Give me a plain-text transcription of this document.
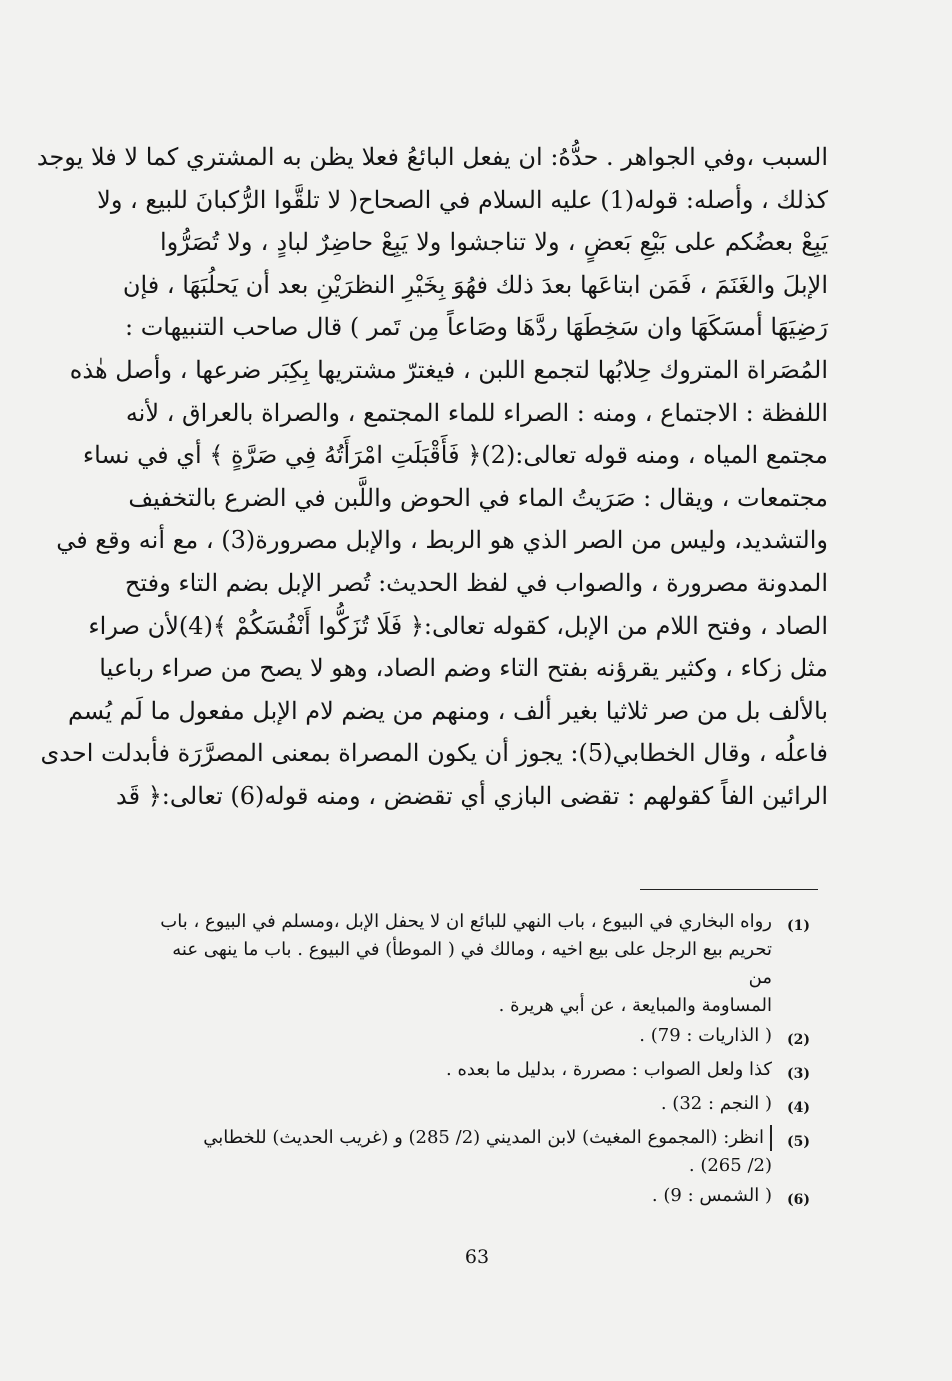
السبب ،وفي الجواهر . حدُّهُ: ان يفعل البائعُ فعلا يظن به المشتري كما لا فلا يوجد
كذلك ، وأصله: قوله(1) عليه السلام في الصحاح( لا تلقَّوا الرُّكبانَ للبيع ، ولا
يَبِعْ بعضُكم على بَيْعِ بَعضٍ ، ولا تناجشوا ولا يَبِعْ حاضِرٌ لبادٍ ، ولا تُصَرُّوا
الإبلَ والغَنَمَ ، فَمَن ابتاعَها بعدَ ذلك فهُوَ بِخَيْرِ النظرَيْنِ بعد أن يَحلُبَهَا ، فإن
رَضِيَهَا أمسَكَهَا وان سَخِطَهَا ردَّهَا وصَاعاً مِن تَمر ) قال صاحب التنبيهات :
المُصَراة المتروك حِلابُها لتجمع اللبن ، فيغترّ مشتريها بِكِبَر ضرعها ، وأصل هٰذه
اللفظة : الاجتماع ، ومنه : الصراء للماء المجتمع ، والصراة بالعراق ، لأنه
مجتمع المياه ، ومنه قوله تعالى:(2)﴿ فَأَقْبَلَتِ امْرَأَتُهُ فِي صَرَّةٍ ﴾ أي في نساء
مجتمعات ، ويقال : صَرَيتُ الماء في الحوض واللَّبن في الضرع بالتخفيف
والتشديد، وليس من الصر الذي هو الربط ، والإبل مصرورة(3) ، مع أنه وقع في
المدونة مصرورة ، والصواب في لفظ الحديث: تُصر الإبل بضم التاء وفتح
الصاد ، وفتح اللام من الإبل، كقوله تعالى:﴿ فَلَا تُزَكُّوا أَنْفُسَكُمْ ﴾(4)لأن صراء
مثل زكاء ، وكثير يقرؤنه بفتح التاء وضم الصاد، وهو لا يصح من صراء رباعيا
بالألف بل من صر ثلاثيا بغير ألف ، ومنهم من يضم لام الإبل مفعول ما لَم يُسم
فاعلُه ، وقال الخطابي(5): يجوز أن يكون المصراة بمعنى المصرَّرَة فأبدلت احدى
الرائين الفاً كقولهم : تقضى البازي أي تقضض ، ومنه قوله(6) تعالى:﴿ قَد
(1)
رواه البخاري في البيوع ، باب النهي للبائع ان لا يحفل الإبل ،ومسلم في البيوع ، باب
تحريم بيع الرجل على بيع اخيه ، ومالك في ( الموطأ) في البيوع . باب ما ينهى عنه من
المساومة والمبايعة ، عن أبي هريرة .
(2)
( الذاريات : 79) .
(3)
كذا ولعل الصواب : مصررة ، بدليل ما بعده .
(4)
( النجم : 32) .
(5)
انظر: (المجموع المغيث) لابن المديني (2/ 285) و (غريب الحديث) للخطابي
(2/ 265) .
(6)
( الشمس : 9) .
63
